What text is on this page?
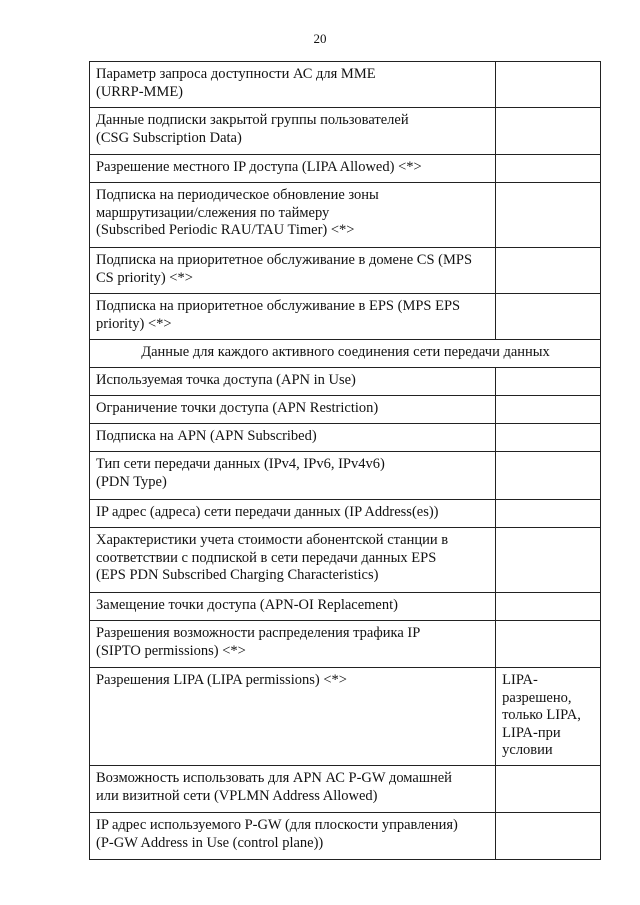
20
Параметр запроса доступности АС для MME
(URRP-MME)	

Данные подписки закрытой группы пользователей
(CSG Subscription Data)	

Разрешение местного IP доступа (LIPA Allowed) <*>	

Подписка на периодическое обновление зоны
маршрутизации/слежения по таймеру
(Subscribed Periodic RAU/TAU Timer) <*>	

Подписка на приоритетное обслуживание в домене CS (MPS
CS priority) <*>	

Подписка на приоритетное обслуживание в EPS (MPS EPS
priority) <*>	

Данные для каждого активного соединения сети передачи данных	

Используемая точка доступа (APN in Use)	

Ограничение точки доступа (APN Restriction)	

Подписка на APN (APN Subscribed)	

Тип сети передачи данных (IPv4, IPv6, IPv4v6)
(PDN Type)	

IP адрес (адреса) сети передачи данных (IP Address(es))	

Характеристики учета стоимости абонентской станции в
соответствии с подпиской в сети передачи данных EPS
(EPS PDN Subscribed Charging Characteristics)	

Замещение точки доступа (APN-OI Replacement)	

Разрешения возможности распределения трафика IP
(SIPTO permissions) <*>	

Разрешения LIPA (LIPA permissions) <*>	LIPA-
разрешено,
только LIPA,
LIPA-при
условии

Возможность использовать для APN АС P-GW домашней
или визитной сети (VPLMN Address Allowed)	

IP адрес используемого P-GW (для плоскости управления)
(P-GW Address in Use (control plane))	
